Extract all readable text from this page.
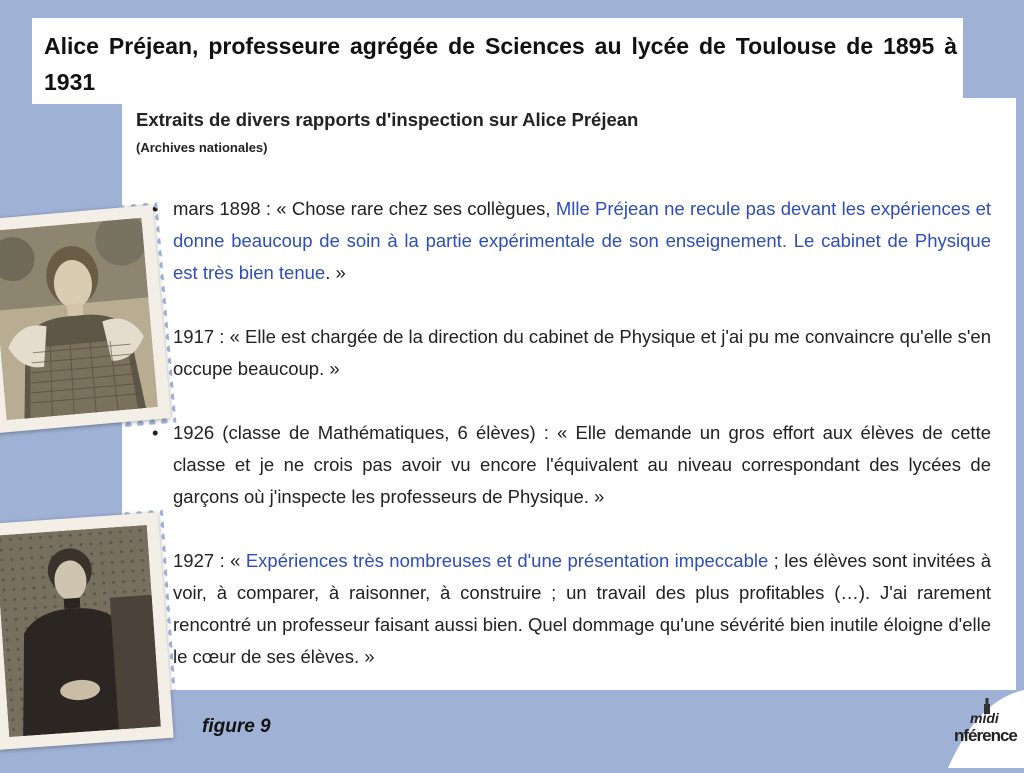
Alice Préjean, professeure agrégée de Sciences au lycée de Toulouse de 1895 à 1931

Extraits de divers rapports d'inspection sur Alice Préjean
(Archives nationales)
• mars 1898 : « Chose rare chez ses collègues, Mlle Préjean ne recule pas devant les expériences et donne beaucoup de soin à la partie expérimentale de son enseignement. Le cabinet de Physique est très bien tenue. »
• 1917 : « Elle est chargée de la direction du cabinet de Physique et j'ai pu me convaincre qu'elle s'en occupe beaucoup. »
• 1926 (classe de Mathématiques, 6 élèves) : « Elle demande un gros effort aux élèves de cette classe et je ne crois pas avoir vu encore l'équivalent au niveau correspondant des lycées de garçons où j'inspecte les professeurs de Physique. »
• 1927 : « Expériences très nombreuses et d'une présentation impeccable ; les élèves sont invitées à voir, à comparer, à raisonner, à construire ; un travail des plus profitables (…). J'ai rarement rencontré un professeur faisant aussi bien. Quel dommage qu'une sévérité bien inutile éloigne d'elle le cœur de ses élèves. »
figure 9	midi
nférence
